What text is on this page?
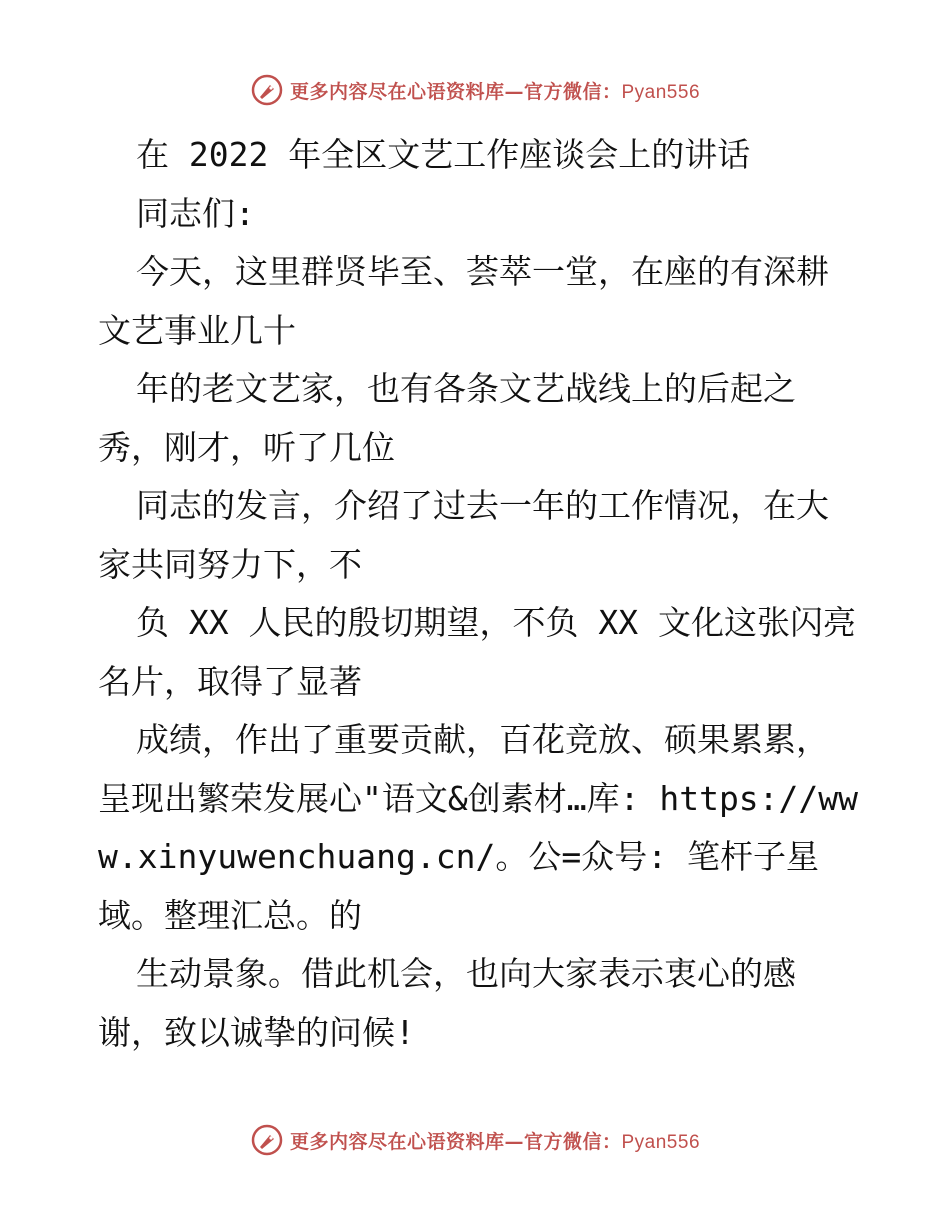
更多内容尽在心语资料库—官方微信：Pyan556

在 2022 年全区文艺工作座谈会上的讲话

同志们:

今天，这里群贤毕至、荟萃一堂，在座的有深耕文艺事业几十

年的老文艺家，也有各条文艺战线上的后起之秀，刚才，听了几位

同志的发言，介绍了过去一年的工作情况，在大家共同努力下，不

负 XX 人民的殷切期望，不负 XX 文化这张闪亮名片，取得了显著

成绩，作出了重要贡献，百花竞放、硕果累累，呈现出繁荣发展心"语文&创素材…库: https://www.xinyuwenchuang.cn/。公=众号: 笔杆子星域。整理汇总。的

生动景象。借此机会，也向大家表示衷心的感谢，致以诚挚的问候!

更多内容尽在心语资料库—官方微信：Pyan556
